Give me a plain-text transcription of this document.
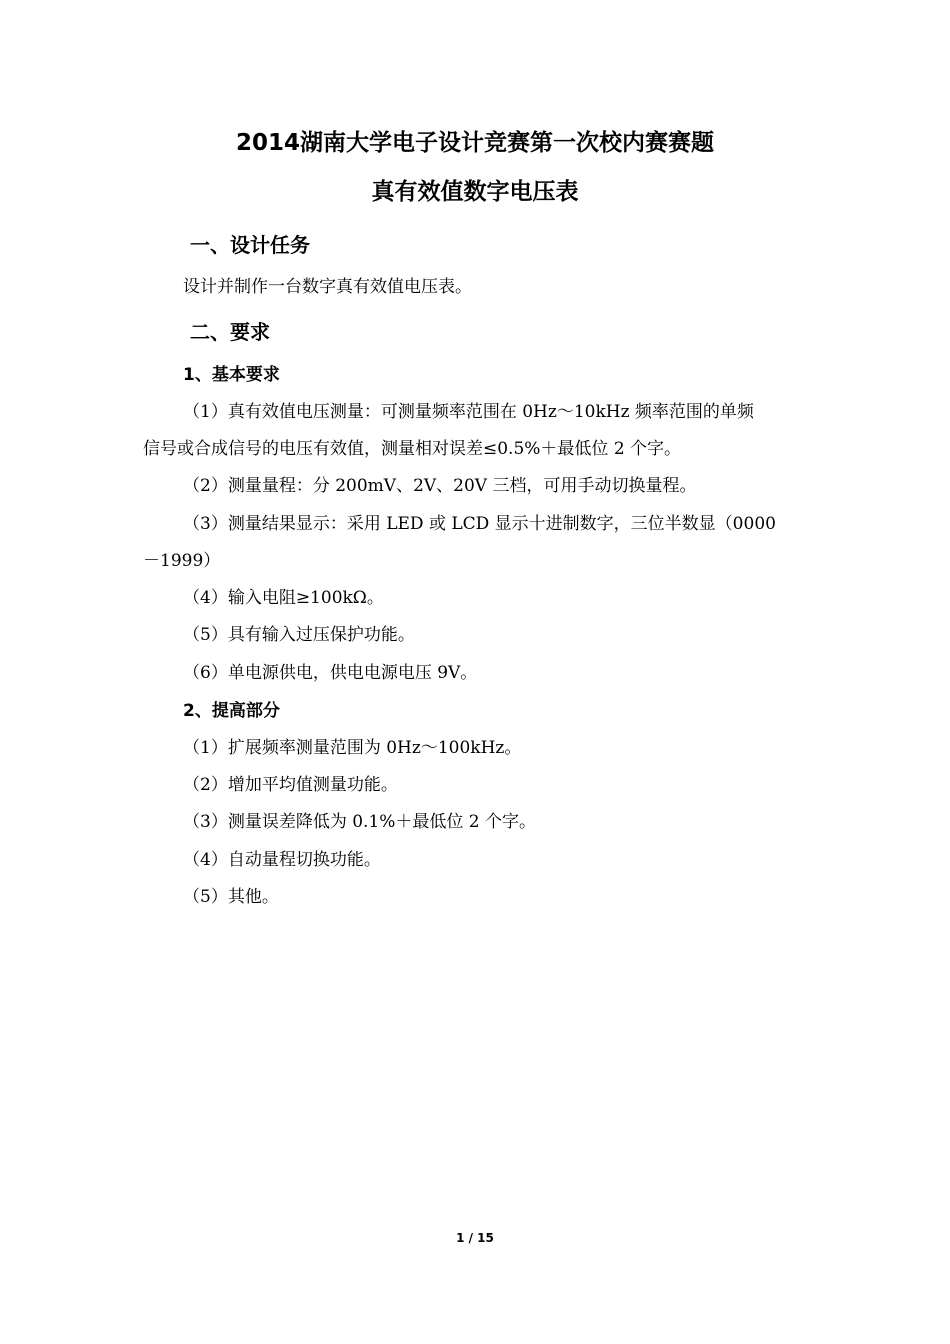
2014湖南大学电子设计竞赛第一次校内赛赛题
真有效值数字电压表
一、设计任务
设计并制作一台数字真有效值电压表。
二、要求
1、基本要求
（1）真有效值电压测量：可测量频率范围在 0Hz～10kHz 频率范围的单频
信号或合成信号的电压有效值，测量相对误差≤0.5%＋最低位 2 个字。
（2）测量量程：分 200mV、2V、20V 三档，可用手动切换量程。
（3）测量结果显示：采用 LED 或 LCD 显示十进制数字，三位半数显（0000
－1999）
（4）输入电阻≥100kΩ。
（5）具有输入过压保护功能。
（6）单电源供电，供电电源电压 9V。
2、提高部分
（1）扩展频率测量范围为 0Hz～100kHz。
（2）增加平均值测量功能。
（3）测量误差降低为 0.1%＋最低位 2 个字。
（4）自动量程切换功能。
（5）其他。
1 / 15
